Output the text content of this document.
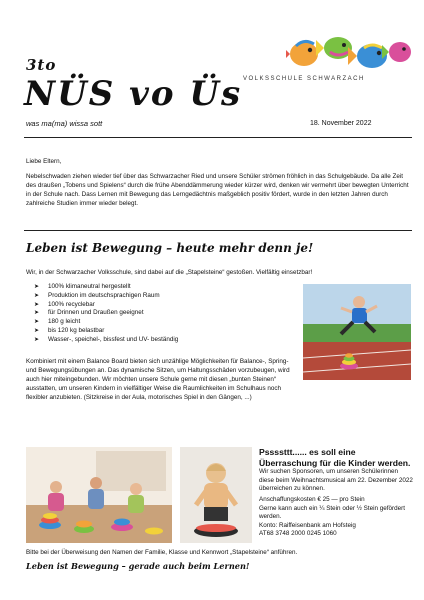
3to
NÜS vo Üs
was ma(ma) wissa sott	18. November 2022
VOLKSSCHULE SCHWARZACH
Liebe Eltern,
Nebelschwaden ziehen wieder tief über das Schwarzacher Ried und unsere Schüler strömen fröhlich in das Schulgebäude. Da alle Zeit des draußen „Tobens und Spielens“ durch die frühe Abenddämmerung wieder kürzer wird, denken wir vermehrt über bewegten Unterricht in der Schule nach. Dass Lernen mit Bewegung das Lerngedächtnis maßgeblich positiv fördert, wurde in den letzten Jahren durch zahlreiche Studien immer wieder belegt.
Leben ist Bewegung – heute mehr denn je!
Wir, in der Schwarzacher Volksschule, sind dabei auf die „Stapelsteine“ gestoßen. Vielfältig einsetzbar!
➤ 100% klimaneutral hergestellt
➤ Produktion im deutschsprachigen Raum
➤ 100% recyclebar
➤ für Drinnen und Draußen geeignet
➤ 180 g leicht
➤ bis 120 kg belastbar
➤ Wasser-, speichel-, bissfest und UV- beständig
Kombiniert mit einem Balance Board bieten sich unzählige Möglichkeiten für Balance-, Spring- und Bewegungsübungen an. Das dynamische Sitzen, um Haltungsschäden vorzubeugen, wird auch hier miteingebunden. Wir möchten unsere Schule gerne mit diesen „bunten Steinen“ ausstatten, um unseren Kindern in vielfältiger Weise die Raumlichkeiten im Schulhaus noch flexibler anzubieten. (Sitzkreise in der Aula, motorisches Spiel in den Gängen, ...)
Pssssttt...... es soll eine Überraschung für die Kinder werden.
Wir suchen Sponsoren, um unseren Schülerinnen diese beim Weihnachtsmusical am 22. Dezember 2022 überreichen zu können.
Anschaffungskosten € 25 — pro Stein
Gerne kann auch ein ¼ Stein oder ½ Stein gefördert werden.
Konto: Raiffeisenbank am Hofsteig
AT68 3748 2000 0245 1060
Bitte bei der Überweisung den Namen der Familie, Klasse und Kennwort „Stapelsteine“ anführen.
Leben ist Bewegung – gerade auch beim Lernen!
